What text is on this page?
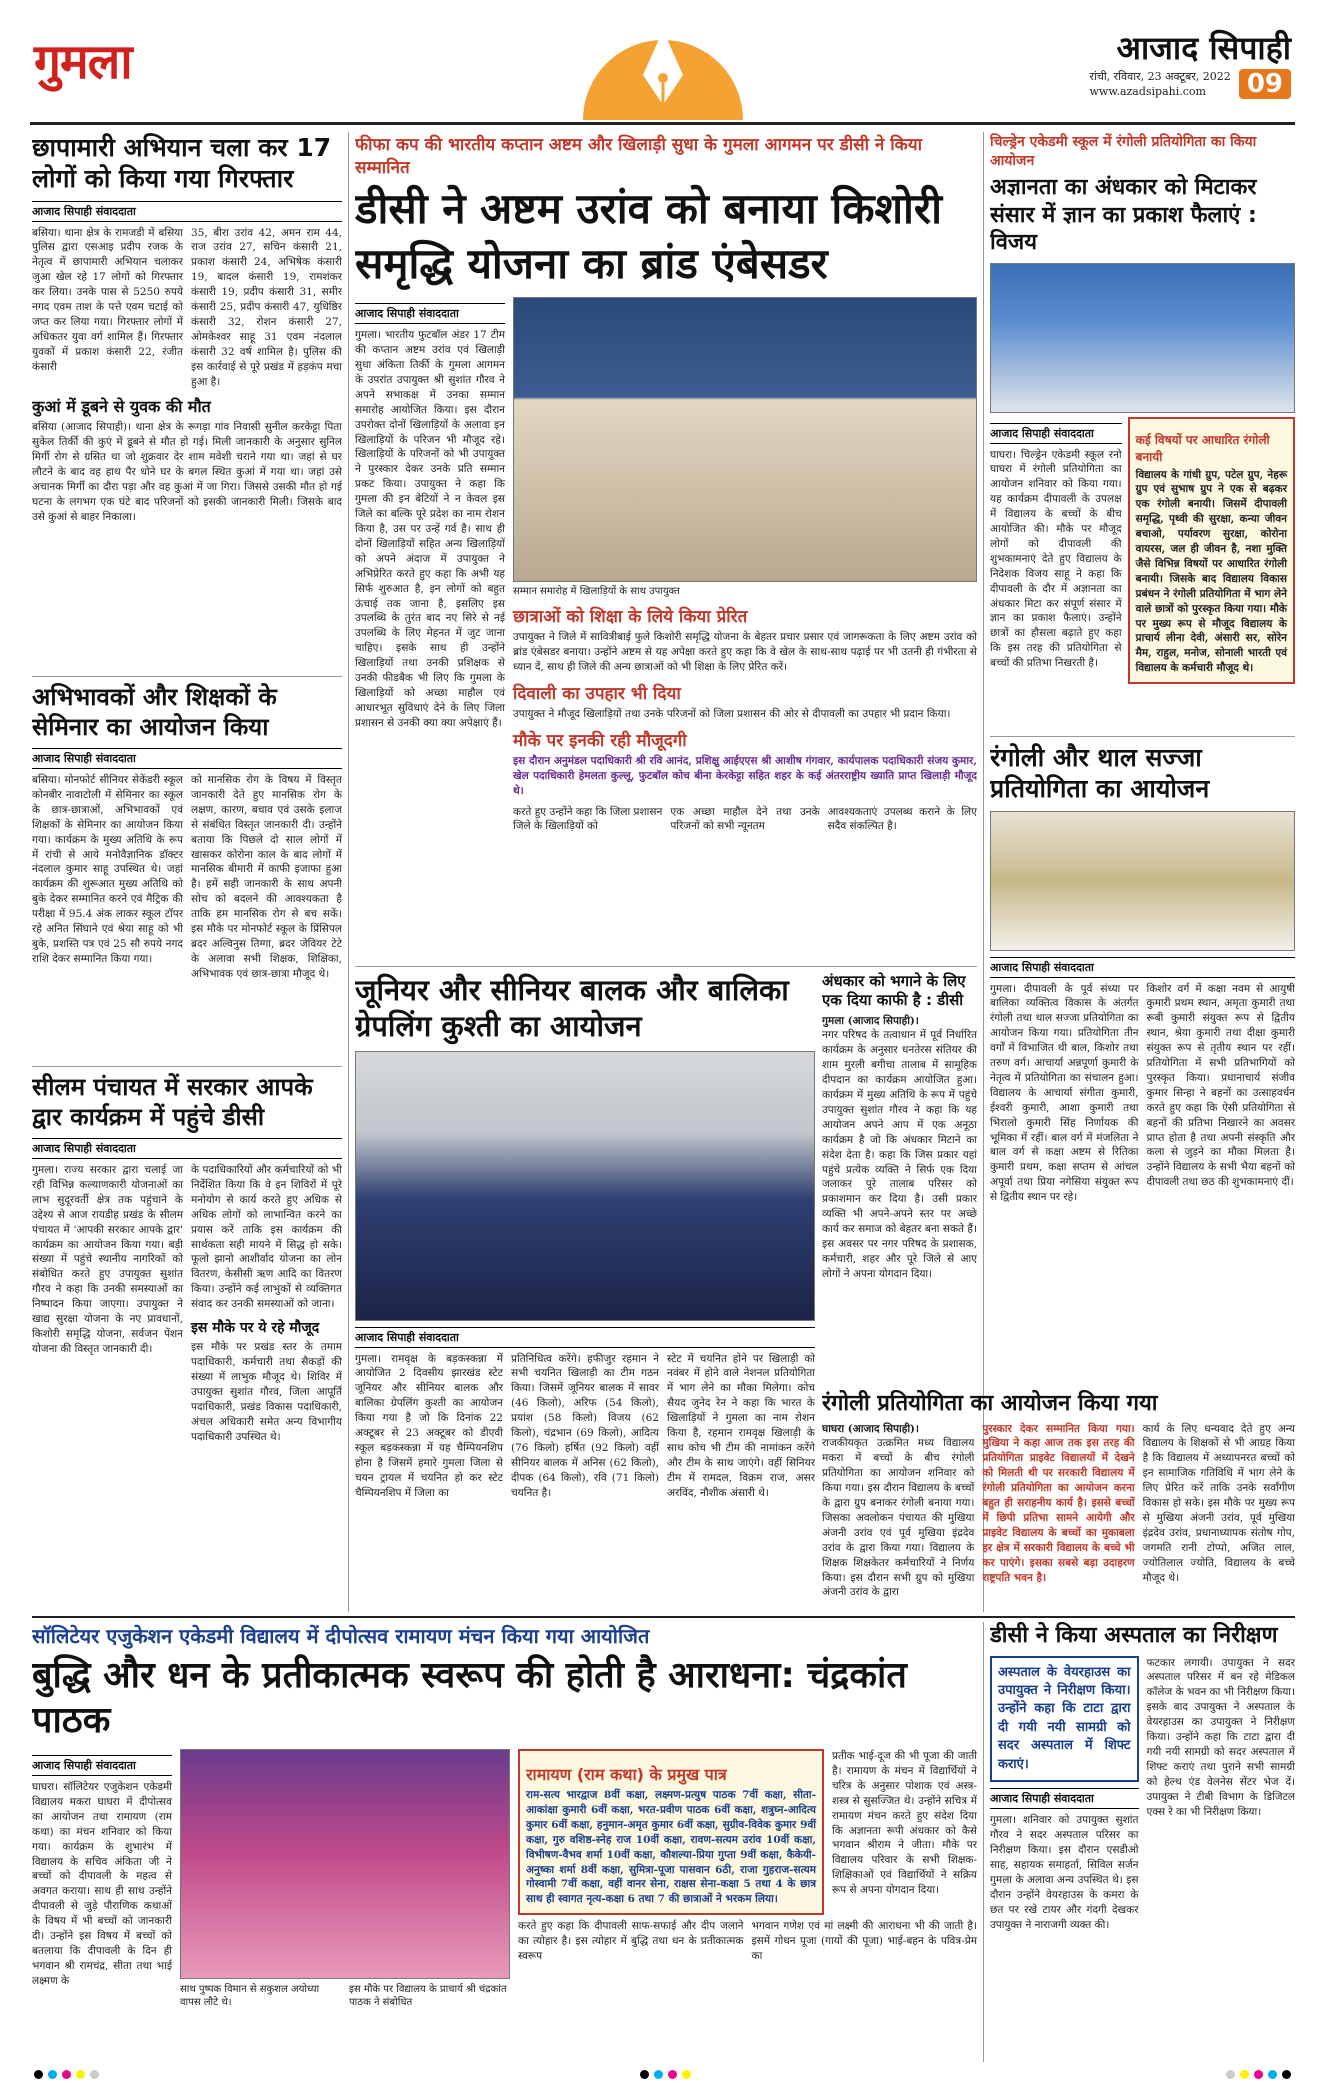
गुमला	आजाद सिपाही
रांची, रविवार, 23 अक्टूबर, 2022
www.azadsipahi.com	09
छापामारी अभियान चला कर 17 लोगों को किया गया गिरफ्तार
आजाद सिपाही संवाददाता
बसिया। थाना क्षेत्र के रामजडी में बसिया पुलिस द्वारा एसआइ प्रदीप रजक के नेतृत्व में छापामारी अभियान चलाकर जुआ खेल रहे 17 लोगों को गिरफ्तार कर लिया। उनके पास से 5250 रुपये नगद एवम ताश के पत्ते एवम चटाई को जप्त कर लिया गया। गिरफ्तार लोगों में अधिकतर युवा वर्ग शामिल हैं। गिरफ्तार युवकों में प्रकाश कंसारी 22, रंजीत कंसारी
35, बीरा उरांव 42, अमन राम 44, राज उरांव 27, सचिन कंसारी 21, प्रकाश कंसारी 24, अभिषेक कंसारी 19, बादल कंसारी 19, रामशंकर कंसारी 19, प्रदीप कंसारी 31, समीर कंसारी 25, प्रदीप कंसारी 47, युधिष्ठिर कंसारी 32, रोशन कंसारी 27, ओमकेश्वर साहू 31 एवम नंदलाल कंसारी 32 वर्ष शामिल है। पुलिस की इस कार्रवाई से पूरे प्रखंड में हड़कंप मचा हुआ है।
कुआं में डूबने से युवक की मौत
बसिया (आजाद सिपाही)। थाना क्षेत्र के रूगड़ा गांव निवासी सुनील करकेट्टा पिता सुकेल तिर्की की कुएं में डूबने से मौत हो गई। मिली जानकारी के अनुसार सुनिल मिर्गी रोग से ग्रसित था जो शुक्रवार देर शाम मवेशी चराने गया था। जहां से घर लौटने के बाद वह हाथ पैर धोने घर के बगल स्थित कुआं में गया था। जहां उसे अचानक मिर्गी का दौरा पड़ा और वह कुआं में जा गिरा। जिससे उसकी मौत हो गई घटना के लगभग एक घंटे बाद परिजनों को इसकी जानकारी मिली। जिसके बाद उसे कुआं से बाहर निकाला।
अभिभावकों और शिक्षकों के सेमिनार का आयोजन किया
आजाद सिपाही संवाददाता
बसिया। मोनफोर्ट सीनियर सेकेंडरी स्कूल कोनबीर नावाटोली में सेमिनार का स्कूल के छात्र-छात्राओं, अभिभावकों एवं शिक्षकों के सेमिनार का आयोजन किया गया। कार्यक्रम के मुख्य अतिथि के रूप में रांची से आये मनोवैज्ञानिक डॉक्टर नंदलाल कुमार साहू उपस्थित थे। जहां कार्यक्रम की शुरूआत मुख्य अतिथि को बुके देकर सम्मानित करने एवं मैट्रिक की परीक्षा में 95.4 अंक लाकर स्कूल टॉपर रहे अनित सिंघाने एवं श्रेया साहू को भी बुके, प्रशस्ति पत्र एवं 25 सौ रुपये नगद राशि देकर सम्मानित किया गया।
को मानसिक रोग के विषय में विस्तृत जानकारी देते हुए मानसिक रोग के लक्षण, कारण, बचाव एवं उसके इलाज से संबंधित विस्तृत जानकारी दी। उन्होंने बताया कि पिछले दो साल लोगों में खासकर कोरोना काल के बाद लोगों में मानसिक बीमारी में काफी इजाफा हुआ है। हमें सही जानकारी के साथ अपनी सोच को बदलने की आवश्यकता है ताकि हम मानसिक रोग से बच सकें। इस मौके पर मोनफोर्ट स्कूल के प्रिंसिपल ब्रदर अल्विनुस तिग्गा, ब्रदर जेवियर टेटे के अलावा सभी शिक्षक, शिक्षिका, अभिभावक एवं छात्र-छात्रा मौजूद थे।
सीलम पंचायत में सरकार आपके द्वार कार्यक्रम में पहुंचे डीसी
आजाद सिपाही संवाददाता
गुमला। राज्य सरकार द्वारा चलाई जा रही विभिन्न कल्याणकारी योजनाओं का लाभ सुदूरवर्ती क्षेत्र तक पहुंचाने के उद्देश्य से आज रायडीह प्रखंड के सीलम पंचायत में 'आपकी सरकार आपके द्वार' कार्यक्रम का आयोजन किया गया। बड़ी संख्या में पहुंचे स्थानीय नागरिकों को संबोधित करते हुए उपायुक्त सुशांत गौरव ने कहा कि उनकी समस्याओं का निष्पादन किया जाएगा। उपायुक्त ने खाद्य सुरक्षा योजना के नए प्रावधानों, किशोरी समृद्धि योजना, सर्वजन पेंशन योजना की विस्तृत जानकारी दी।
के पदाधिकारियों और कर्मचारियों को भी निर्देशित किया कि वे इन शिविरों में पूरे मनोयोग से कार्य करते हुए अधिक से अधिक लोगों को लाभान्वित करने का प्रयास करें ताकि इस कार्यक्रम की सार्थकता सही मायने में सिद्ध हो सके। फूलो झानो आशीर्वाद योजना का लोन वितरण, केसीसी ऋण आदि का वितरण किया। उन्होंने कई लाभुकों से व्यक्तिगत संवाद कर उनकी समस्याओं को जाना।
इस मौके पर ये रहे मौजूद
इस मौके पर प्रखंड स्तर के तमाम पदाधिकारी, कर्मचारी तथा सैकड़ों की संख्या में लाभुक मौजूद थे। शिविर में उपायुक्त सुशांत गौरव, जिला आपूर्ति पदाधिकारी, प्रखंड विकास पदाधिकारी, अंचल अधिकारी समेत अन्य विभागीय पदाधिकारी उपस्थित थे।
फीफा कप की भारतीय कप्तान अष्टम और खिलाड़ी सुधा के गुमला आगमन पर डीसी ने किया सम्मानित
डीसी ने अष्टम उरांव को बनाया किशोरी समृद्धि योजना का ब्रांड एंबेसडर
आजाद सिपाही संवाददाता
गुमला। भारतीय फुटबॉल अंडर 17 टीम की कप्तान अष्टम उरांव एवं खिलाड़ी सुधा अंकिता तिर्की के गुमला आगमन के उपरांत उपायुक्त श्री सुशांत गौरव ने अपने सभाकक्ष में उनका सम्मान समारोह आयोजित किया। इस दौरान उपरोक्त दोनों खिलाड़ियों के अलावा इन खिलाड़ियों के परिजन भी मौजूद रहे। खिलाड़ियों के परिजनों को भी उपायुक्त ने पुरस्कार देकर उनके प्रति सम्मान प्रकट किया। उपायुक्त ने कहा कि गुमला की इन बेटियों ने न केवल इस जिले का बल्कि पूरे प्रदेश का नाम रोशन किया है, उस पर उन्हें गर्व है। साथ ही दोनों खिलाड़ियों सहित अन्य खिलाड़ियों को अपने अंदाज में उपायुक्त ने अभिप्रेरित करते हुए कहा कि अभी यह सिर्फ शुरुआत है, इन लोगों को बहुत ऊंचाई तक जाना है, इसलिए इस उपलब्धि के तुरंत बाद नए सिरे से नई उपलब्धि के लिए मेहनत में जुट जाना चाहिए। इसके साथ ही उन्होंने खिलाड़ियों तथा उनकी प्रशिक्षक से उनकी फीडबैक भी लिए कि गुमला के खिलाड़ियों को अच्छा माहौल एवं आधारभूत सुविधाएं देने के लिए जिला प्रशासन से उनकी क्या क्या अपेक्षाएं हैं।
सम्मान समारोह में खिलाड़ियों के साथ उपायुक्त
छात्राओं को शिक्षा के लिये किया प्रेरित
उपायुक्त ने जिले में सावित्रीबाई फुले किशोरी समृद्धि योजना के बेहतर प्रचार प्रसार एवं जागरूकता के लिए अष्टम उरांव को ब्रांड एंबेसडर बनाया। उन्होंने अष्टम से यह अपेक्षा करते हुए कहा कि वे खेल के साथ-साथ पढ़ाई पर भी उतनी ही गंभीरता से ध्यान दें, साथ ही जिले की अन्य छात्राओं को भी शिक्षा के लिए प्रेरित करें।
दिवाली का उपहार भी दिया
उपायुक्त ने मौजूद खिलाड़ियों तथा उनके परिजनों को जिला प्रशासन की ओर से दीपावली का उपहार भी प्रदान किया।
मौके पर इनकी रही मौजूदगी
इस दौरान अनुमंडल पदाधिकारी श्री रवि आनंद, प्रशिक्षु आईएएस श्री आशीष गंगवार, कार्यपालक पदाधिकारी संजय कुमार, खेल पदाधिकारी हेमलता कुल्लू, फुटबॉल कोच बीना केरकेट्टा सहित शहर के कई अंतरराष्ट्रीय ख्याति प्राप्त खिलाड़ी मौजूद थे।
करते हुए उन्होंने कहा कि जिला प्रशासन जिले के खिलाड़ियों को
एक अच्छा माहौल देने तथा उनके परिजनों को सभी न्यूनतम
आवश्यकताएं उपलब्ध कराने के लिए सदैव संकल्पित है।
जूनियर और सीनियर बालक और बालिका ग्रेपलिंग कुश्ती का आयोजन
आजाद सिपाही संवाददाता
गुमला। रामवृक्ष के बड़कस्कन्ना में आयोजित 2 दिवसीय झारखंड स्टेट जूनियर और सीनियर बालक और बालिका ग्रेपलिंग कुश्ती का आयोजन किया गया है जो कि दिनांक 22 अक्टूबर से 23 अक्टूबर को डीएवी स्कूल बड़कस्कन्ना में यह चैम्पियनशिप होना है जिसमें हमारे गुमला जिला से चयन ट्रायल में चयनित हो कर स्टेट चैम्पियनशिप में जिला का
प्रतिनिधित्व करेंगे। हफीजुर रहमान ने सभी चयनित खिलाड़ी का टीम गठन किया। जिसमें जूनियर बालक में सावर (46 किलो), अरिफ (54 किलो), प्रयांश (58 किलो) विजय (62 किलो), चंद्रभान (69 किलो), आदित्य (76 किलो) हर्षित (92 किलो) वहीं सीनियर बालक में अनिस (62 किलो), दीपक (64 किलो), रवि (71 किलो) चयनित है।
स्टेट में चयनित होने पर खिलाड़ी को नवंबर में होने वाले नेशनल प्रतियोगिता में भाग लेने का मौका मिलेगा। कोच सैयद जुनेद रेन ने कहा कि भारत के खिलाड़ियों ने गुमला का नाम रोशन किया है, रहमान रामवृक्ष खिलाड़ी के साथ कोच भी टीम की नामांकन करेंगे और टीम के साथ जाएंगे। वहीं सिनियर टीम में रामदल, विक्रम राज, असर अरविंद, नौशीक अंसारी थे।
अंधकार को भगाने के लिए एक दिया काफी है : डीसी
गुमला (आजाद सिपाही)।
नगर परिषद के तत्वाधान में पूर्व निर्धारित कार्यक्रम के अनुसार धनतेरस संतियर की शाम मुरली बगीचा तालाब में सामूहिक दीपदान का कार्यक्रम आयोजित हुआ। कार्यक्रम में मुख्य अतिथि के रूप में पहुंचे उपायुक्त सुशांत गौरव ने कहा कि यह आयोजन अपने आप में एक अनूठा कार्यक्रम है जो कि अंधकार मिटाने का संदेश देता है। कहा कि जिस प्रकार यहां पहुंचे प्रत्येक व्यक्ति ने सिर्फ एक दिया जलाकर पूरे तालाब परिसर को प्रकाशमान कर दिया है। उसी प्रकार व्यक्ति भी अपने-अपने स्तर पर अच्छे कार्य कर समाज को बेहतर बना सकते हैं। इस अवसर पर नगर परिषद के प्रशासक, कर्मचारी, शहर और पूरे जिले से आए लोगों ने अपना योगदान दिया।
चिल्ड्रेन एकेडमी स्कूल में रंगोली प्रतियोगिता का किया आयोजन
अज्ञानता का अंधकार को मिटाकर संसार में ज्ञान का प्रकाश फैलाएं : विजय
आजाद सिपाही संवाददाता
घाघरा। चिल्ड्रेन एकेडमी स्कूल रनो घाघरा में रंगोली प्रतियोगिता का आयोजन शनिवार को किया गया। यह कार्यक्रम दीपावली के उपलक्ष में विद्यालय के बच्चों के बीच आयोजित की। मौके पर मौजूद लोगों को दीपावली की शुभकामनाएं देते हुए विद्यालय के निदेशक विजय साहू ने कहा कि दीपावली के दौर में अज्ञानता का अंधकार मिटा कर संपूर्ण संसार में ज्ञान का प्रकाश फैलाएं। उन्होंने छात्रों का हौसला बढ़ाते हुए कहा कि इस तरह की प्रतियोगिता से बच्चों की प्रतिभा निखरती है।
कई विषयों पर आधारित रंगोली बनायी
विद्यालय के गांधी ग्रुप, पटेल ग्रुप, नेहरू ग्रुप एवं सुभाष ग्रुप ने एक से बढ़कर एक रंगोली बनायी। जिसमें दीपावली समृद्धि, पृथ्वी की सुरक्षा, कन्या जीवन बचाओ, पर्यावरण सुरक्षा, कोरोना वायरस, जल ही जीवन है, नशा मुक्ति जैसे विभिन्न विषयों पर आधारित रंगोली बनायी। जिसके बाद विद्यालय विकास प्रबंधन ने रंगोली प्रतियोगिता में भाग लेने वाले छात्रों को पुरस्कृत किया गया। मौके पर मुख्य रूप से मौजूद विद्यालय के प्राचार्य लीना देवी, अंसारी सर, सोरेन मैम, राहुल, मनोज, सोनाली भारती एवं विद्यालय के कर्मचारी मौजूद थे।
रंगोली और थाल सज्जा प्रतियोगिता का आयोजन
आजाद सिपाही संवाददाता
गुमला। दीपावली के पूर्व संध्या पर बालिका व्यक्तित्व विकास के अंतर्गत रंगोली तथा थाल सज्जा प्रतियोगिता का आयोजन किया गया। प्रतियोगिता तीन वर्गों में विभाजित थी बाल, किशोर तथा तरुण वर्ग। आचार्या अन्नपूर्णा कुमारी के नेतृत्व में प्रतियोगिता का संचालन हुआ। विद्यालय के आचार्या संगीता कुमारी, ईश्वरी कुमारी, आशा कुमारी तथा भिरालो कुमारी सिंह निर्णायक की भूमिका में रहीं। बाल वर्ग में मंजलिता ने बाल वर्ग से कक्षा अष्टम से रितिका कुमारी प्रथम, कक्षा सप्तम से आंचल अपूर्वा तथा प्रिया नगेसिया संयुक्त रूप से द्वितीय स्थान पर रहे।
किशोर वर्ग में कक्षा नवम से आयुषी कुमारी प्रथम स्थान, अमृता कुमारी तथा रूबी कुमारी संयुक्त रूप से द्वितीय स्थान, श्रेया कुमारी तथा दीक्षा कुमारी संयुक्त रूप से तृतीय स्थान पर रहीं। प्रतियोगिता में सभी प्रतिभागियों को पुरस्कृत किया। प्रधानाचार्य संजीव कुमार सिन्हा ने बहनों का उत्साहवर्धन करते हुए कहा कि ऐसी प्रतियोगिता से बहनों की प्रतिभा निखारने का अवसर प्राप्त होता है तथा अपनी संस्कृति और कला से जुड़ने का मौका मिलता है। उन्होंने विद्यालय के सभी भैया बहनों को दीपावली तथा छठ की शुभकामनाएं दीं।
रंगोली प्रतियोगिता का आयोजन किया गया
घाघरा (आजाद सिपाही)।
राजकीयकृत उत्क्रमित मध्य विद्यालय मकरा में बच्चों के बीच रंगोली प्रतियोगिता का आयोजन शनिवार को किया गया। इस दौरान विद्यालय के बच्चों के द्वारा ग्रुप बनाकर रंगोली बनाया गया। जिसका अवलोकन पंचायत की मुखिया अंजनी उरांव एवं पूर्व मुखिया इंद्रदेव उरांव के द्वारा किया गया। विद्यालय के शिक्षक शिक्षकेतर कर्मचारियों ने निर्णय किया। इस दौरान सभी ग्रुप को मुखिया अंजनी उरांव के द्वारा
पुरस्कार देकर सम्मानित किया गया। मुखिया ने कहा आज तक इस तरह की प्रतियोगिता प्राइवेट विद्यालयों में देखने को मिलती थी पर सरकारी विद्यालय में रंगोली प्रतियोगिता का आयोजन करना बहुत ही सराहनीय कार्य है। इससे बच्चों में छिपी प्रतिभा सामने आयेगी और प्राइवेट विद्यालय के बच्चों का मुकाबला हर क्षेत्र में सरकारी विद्यालय के बच्चे भी कर पाएंगे। इसका सबसे बड़ा उदाहरण राष्ट्रपति भवन है।
कार्य के लिए धन्यवाद देते हुए अन्य विद्यालय के शिक्षकों से भी आग्रह किया है कि विद्यालय में अध्यापनरत बच्चों को इन सामाजिक गतिविधि में भाग लेने के लिए प्रेरित करें ताकि उनके सर्वांगीण विकास हो सके। इस मौके पर मुख्य रूप से मुखिया अंजनी उरांव, पूर्व मुखिया इंद्रदेव उरांव, प्रधानाध्यापक संतोष गोप, जगमति रानी टोप्पो, अजित लाल, ज्योतिलाल ज्योति, विद्यालय के बच्चे मौजूद थे।
सॉलिटेयर एजुकेशन एकेडमी विद्यालय में दीपोत्सव रामायण मंचन किया गया आयोजित
बुद्धि और धन के प्रतीकात्मक स्वरूप की होती है आराधना: चंद्रकांत पाठक
आजाद सिपाही संवाददाता
घाघरा। सॉलिटेयर एजुकेशन एकेडमी विद्यालय मकरा घाघरा में दीपोत्सव का आयोजन तथा रामायण (राम कथा) का मंचन शनिवार को किया गया। कार्यक्रम के शुभारंभ में विद्यालय के सचिव अंकिता जी ने बच्चों को दीपावली के महत्व से अवगत कराया। साथ ही साथ उन्होंने दीपावली से जुड़े पौराणिक कथाओं के विषय में भी बच्चों को जानकारी दी। उन्होंने इस विषय में बच्चों को बतलाया कि दीपावली के दिन ही भगवान श्री रामचंद्र, सीता तथा भाई लक्ष्मण के
साथ पुष्पक विमान से सकुशल अयोध्या वापस लौटे थे।
इस मौके पर विद्यालय के प्राचार्य श्री चंद्रकांत पाठक ने संबोधित
रामायण (राम कथा) के प्रमुख पात्र
राम-सत्य भारद्वाज 8वीं कक्षा, लक्ष्मण-प्रत्युष पाठक 7वीं कक्षा, सीता-आकांक्षा कुमारी 6वीं कक्षा, भरत-प्रवीण पाठक 6वीं कक्षा, शत्रुघ्न-आदित्य कुमार 6वीं कक्षा, हनुमान-अमृत कुमार 6वीं कक्षा, सुग्रीव-विवेक कुमार 9वीं कक्षा, गुरु वशिष्ठ-स्नेह राज 10वीं कक्षा, रावण-सत्यम उरांव 10वीं कक्षा, विभीषण-वैभव शर्मा 10वीं कक्षा, कौशल्या-प्रिया गुप्ता 9वीं कक्षा, कैकेयी-अनुष्का शर्मा 8वीं कक्षा, सुमित्रा-पूजा पासवान 6ठी, राजा गुहराज-सत्यम गोस्वामी 7वीं कक्षा, वहीं वानर सेना, राक्षस सेना-कक्षा 5 तथा 4 के छात्र साथ ही स्वागत नृत्य-कक्षा 6 तथा 7 की छात्राओं ने भरकम लिया।
प्रतीक भाई-दूज की भी पूजा की जाती है। रामायण के मंचन में विद्यार्थियों ने चरित्र के अनुसार पोशाक एवं अस्त्र-शस्त्र से सुसज्जित थे। उन्होंने सचित्र में रामायण मंचन करते हुए संदेश दिया कि अज्ञानता रूपी अंधकार को कैसे भगवान श्रीराम ने जीता। मौके पर विद्यालय परिवार के सभी शिक्षक-शिक्षिकाओं एवं विद्यार्थियों ने सक्रिय रूप से अपना योगदान दिया।
करते हुए कहा कि दीपावली साफ-सफाई और दीप जलाने का त्योहार है। इस त्योहार में बुद्धि तथा धन के प्रतीकात्मक स्वरूप
भगवान गणेश एवं मां लक्ष्मी की आराधना भी की जाती है। इसमें गोधन पूजा (गायों की पूजा) भाई-बहन के पवित्र-प्रेम का
डीसी ने किया अस्पताल का निरीक्षण
अस्पताल के वेयरहाउस का उपायुक्त ने निरीक्षण किया। उन्होंने कहा कि टाटा द्वारा दी गयी नयी सामग्री को सदर अस्पताल में शिफ्ट कराएं।
आजाद सिपाही संवाददाता
गुमला। शनिवार को उपायुक्त सुशांत गौरव ने सदर अस्पताल परिसर का निरीक्षण किया। इस दौरान एसडीओ साह, सहायक समाहर्ता, सिविल सर्जन गुमला के अलावा अन्य उपस्थित थे। इस दौरान उन्होंने वेयरहाउस के कमरा के छत पर रखे टायर और गंदगी देखकर उपायुक्त ने नाराजगी व्यक्त की।
फटकार लगायी। उपायुक्त ने सदर अस्पताल परिसर में बन रहे मेडिकल कॉलेज के भवन का भी निरीक्षण किया। इसके बाद उपायुक्त ने अस्पताल के वेयरहाउस का उपायुक्त ने निरीक्षण किया। उन्होंने कहा कि टाटा द्वारा दी गयी नयी सामग्री को सदर अस्पताल में शिफ्ट कराएं तथा पुराने सभी सामग्री को हेल्थ एंड वेलनेस सेंटर भेज दें। उपायुक्त ने टीबी विभाग के डिजिटल एक्स रे का भी निरीक्षण किया।
